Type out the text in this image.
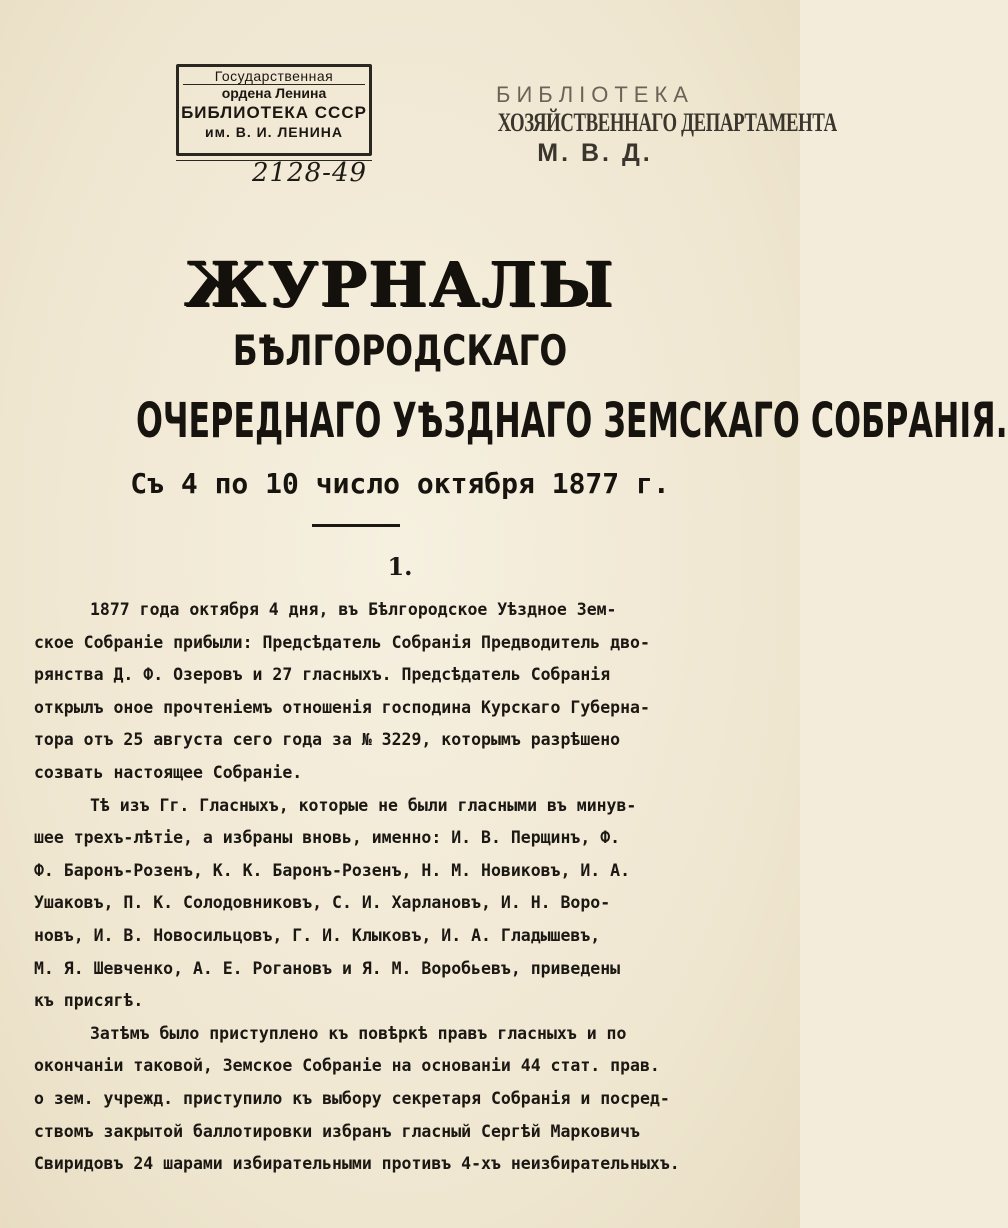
Государственная
ордена Ленина
БИБЛИОТЕКА СССР
им. В. И. ЛЕНИНА
2128-49
БИБЛІОТЕКА
ХОЗЯЙСТВЕННАГО ДЕПАРТАМЕНТА
М. В. Д.
ЖУРНАЛЫ
БѢЛГОРОДСКАГО
ОЧЕРЕДНАГО УѢЗДНАГО ЗЕМСКАГО СОБРАНІЯ.
Съ 4 по 10 число октября 1877 г.
1.
1877 года октября 4 дня, въ Бѣлгородское Уѣздное Зем-
ское Собраніе прибыли: Предсѣдатель Собранія Предводитель дво-
рянства Д. Ф. Озеровъ и 27 гласныхъ. Предсѣдатель Собранія
открылъ оное прочтеніемъ отношенія господина Курскаго Губерна-
тора отъ 25 августа сего года за № 3229, которымъ разрѣшено
созвать настоящее Собраніе.
Тѣ изъ Гг. Гласныхъ, которые не были гласными въ минув-
шее трехъ-лѣтіе, а избраны вновь, именно: И. В. Перщинъ, Ф.
Ф. Баронъ-Розенъ, К. К. Баронъ-Розенъ, Н. М. Новиковъ, И. А.
Ушаковъ, П. К. Солодовниковъ, С. И. Харлановъ, И. Н. Воро-
новъ, И. В. Новосильцовъ, Г. И. Клыковъ, И. А. Гладышевъ,
М. Я. Шевченко, А. Е. Рогановъ и Я. М. Воробьевъ, приведены
къ присягѣ.
Затѣмъ было приступлено къ повѣркѣ правъ гласныхъ и по
окончаніи таковой, Земское Собраніе на основаніи 44 стат. прав.
о зем. учрежд. приступило къ выбору секретаря Собранія и посред-
ствомъ закрытой баллотировки избранъ гласный Сергѣй Марковичъ
Свиридовъ 24 шарами избирательными противъ 4-хъ неизбирательныхъ.
